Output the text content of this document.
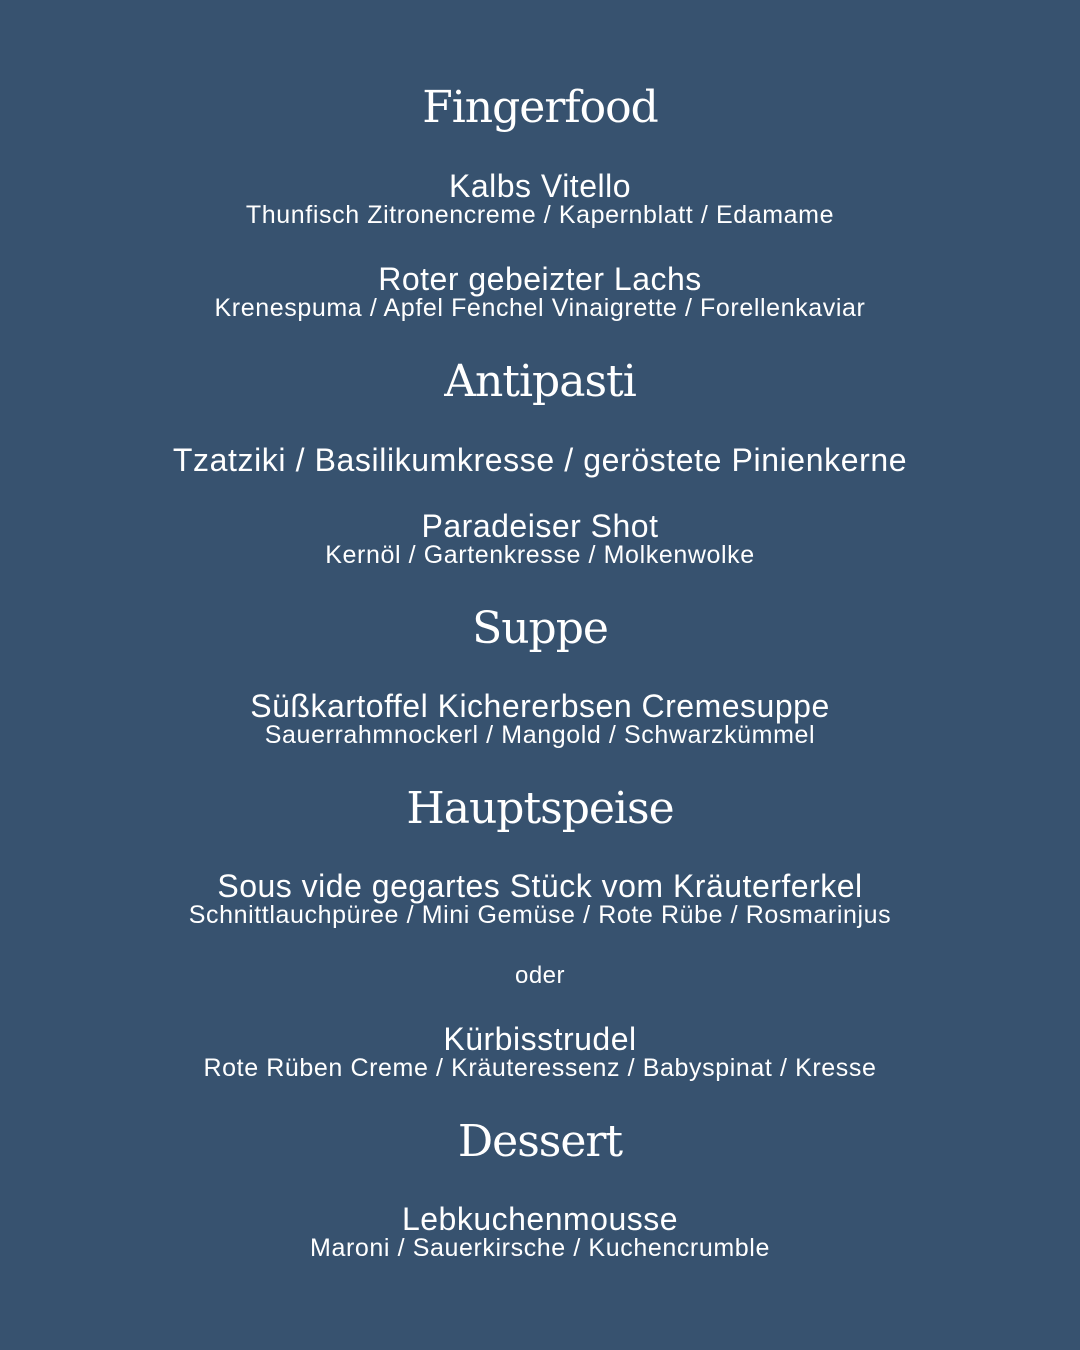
Fingerfood
Kalbs Vitello
Thunfisch Zitronencreme / Kapernblatt / Edamame
Roter gebeizter Lachs
Krenespuma / Apfel Fenchel Vinaigrette / Forellenkaviar
Antipasti
Tzatziki / Basilikumkresse / geröstete Pinienkerne
Paradeiser Shot
Kernöl / Gartenkresse / Molkenwolke
Suppe
Süßkartoffel Kichererbsen Cremesuppe
Sauerrahmnockerl / Mangold / Schwarzkümmel
Hauptspeise
Sous vide gegartes Stück vom Kräuterferkel
Schnittlauchpüree / Mini Gemüse / Rote Rübe / Rosmarinjus
oder
Kürbisstrudel
Rote Rüben Creme / Kräuteressenz / Babyspinat / Kresse
Dessert
Lebkuchenmousse
Maroni / Sauerkirsche / Kuchencrumble
